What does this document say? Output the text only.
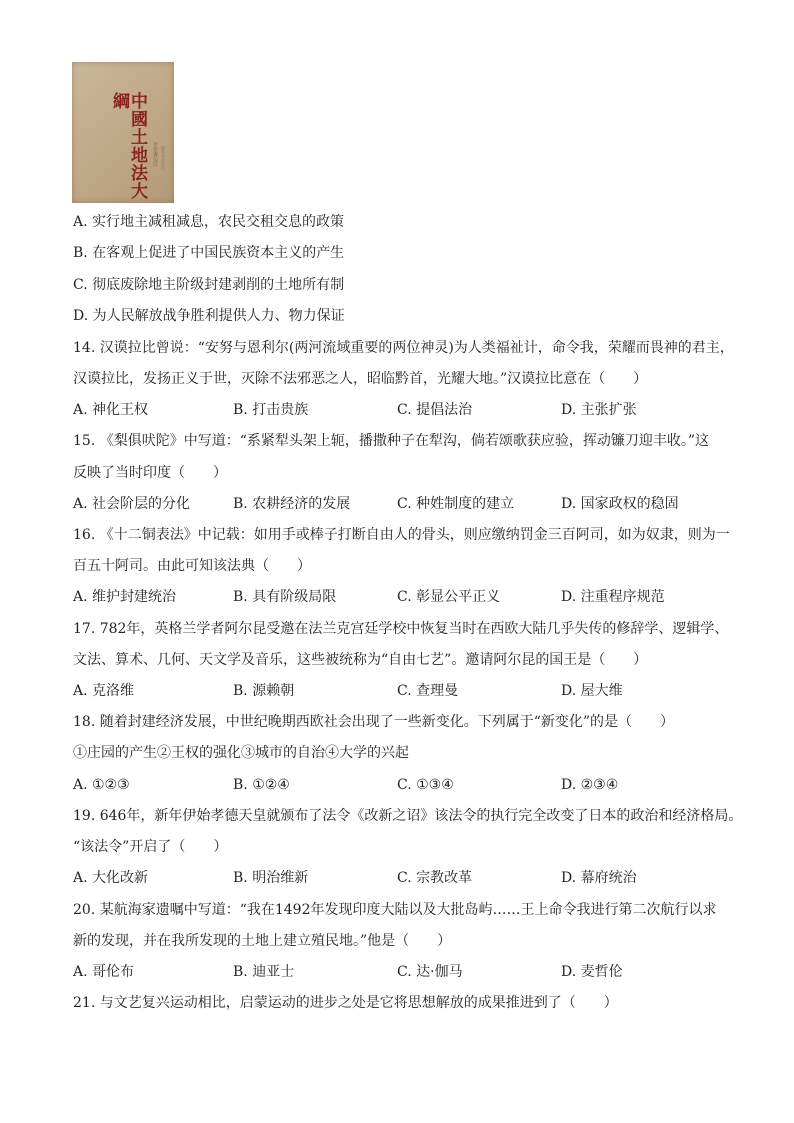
中國土地法大綱
晋察冀边区 新华书店印行
A. 实行地主减租减息，农民交租交息的政策
B. 在客观上促进了中国民族资本主义的产生
C. 彻底废除地主阶级封建剥削的土地所有制
D. 为人民解放战争胜利提供人力、物力保证
14. 汉谟拉比曾说：“安努与恩利尔(两河流域重要的两位神灵)为人类福祉计，命令我，荣耀而畏神的君主，
汉谟拉比，发扬正义于世，灭除不法邪恶之人，昭临黔首，光耀大地。”汉谟拉比意在（　　）
A. 神化王权	B. 打击贵族	C. 提倡法治	D. 主张扩张
15. 《梨俱吠陀》中写道：“系紧犁头架上轭，播撒种子在犁沟，倘若颂歌获应验，挥动镰刀迎丰收。”这
反映了当时印度（　　）
A. 社会阶层的分化	B. 农耕经济的发展	C. 种姓制度的建立	D. 国家政权的稳固
16. 《十二铜表法》中记载：如用手或棒子打断自由人的骨头，则应缴纳罚金三百阿司，如为奴隶，则为一
百五十阿司。由此可知该法典（　　）
A. 维护封建统治	B. 具有阶级局限	C. 彰显公平正义	D. 注重程序规范
17. 782年，英格兰学者阿尔昆受邀在法兰克宫廷学校中恢复当时在西欧大陆几乎失传的修辞学、逻辑学、
文法、算术、几何、天文学及音乐，这些被统称为“自由七艺”。邀请阿尔昆的国王是（　　）
A. 克洛维	B. 源赖朝	C. 查理曼	D. 屋大维
18. 随着封建经济发展，中世纪晚期西欧社会出现了一些新变化。下列属于“新变化”的是（　　）
①庄园的产生②王权的强化③城市的自治④大学的兴起
A. ①②③	B. ①②④	C. ①③④	D. ②③④
19. 646年，新年伊始孝德天皇就颁布了法令《改新之诏》该法令的执行完全改变了日本的政治和经济格局。
“该法令”开启了（　　）
A. 大化改新	B. 明治维新	C. 宗教改革	D. 幕府统治
20. 某航海家遗嘱中写道：“我在1492年发现印度大陆以及大批岛屿……王上命令我进行第二次航行以求
新的发现，并在我所发现的土地上建立殖民地。”他是（　　）
A. 哥伦布	B. 迪亚士	C. 达·伽马	D. 麦哲伦
21. 与文艺复兴运动相比，启蒙运动的进步之处是它将思想解放的成果推进到了（　　）
